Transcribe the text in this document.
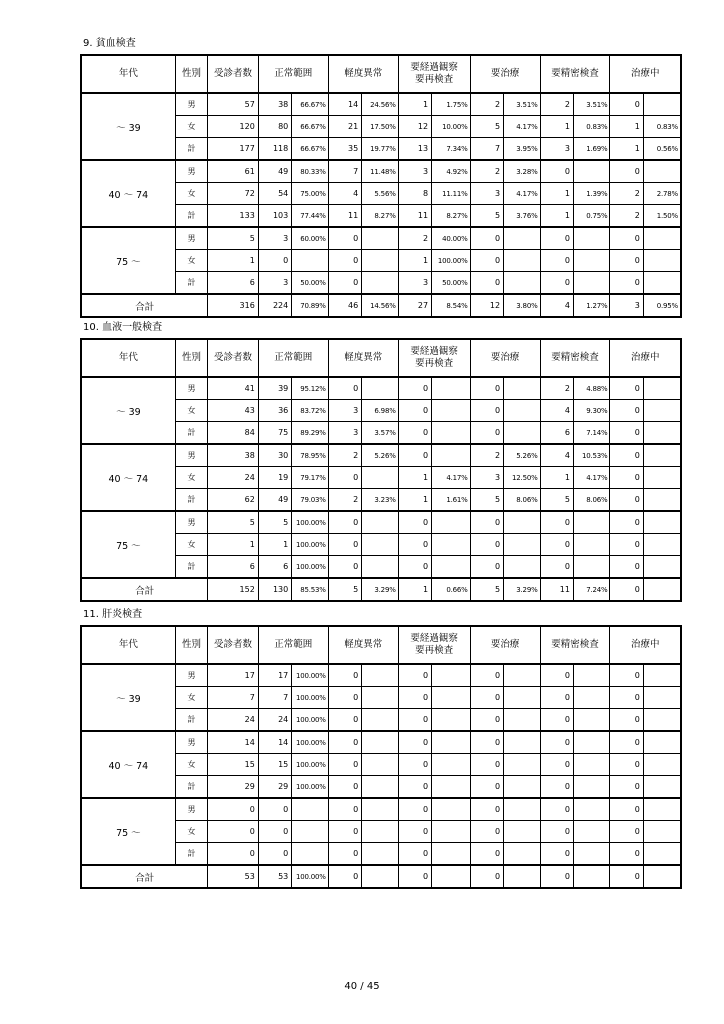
9. 貧血検査
年代	性別	受診者数	正常範囲		軽度異常		要経過観察
要再検査		要治療		要精密検査		治療中	
～ 39	男	57	38	66.67%	14	24.56%	1	1.75%	2	3.51%	2	3.51%	0	
	女	120	80	66.67%	21	17.50%	12	10.00%	5	4.17%	1	0.83%	1	0.83%
	計	177	118	66.67%	35	19.77%	13	7.34%	7	3.95%	3	1.69%	1	0.56%
40 ～ 74	男	61	49	80.33%	7	11.48%	3	4.92%	2	3.28%	0		0	
	女	72	54	75.00%	4	5.56%	8	11.11%	3	4.17%	1	1.39%	2	2.78%
	計	133	103	77.44%	11	8.27%	11	8.27%	5	3.76%	1	0.75%	2	1.50%
75 ～	男	5	3	60.00%	0		2	40.00%	0		0		0	
	女	1	0		0		1	100.00%	0		0		0	
	計	6	3	50.00%	0		3	50.00%	0		0		0	
合計		316	224	70.89%	46	14.56%	27	8.54%	12	3.80%	4	1.27%	3	0.95%
10. 血液一般検査
年代	性別	受診者数	正常範囲		軽度異常		要経過観察
要再検査		要治療		要精密検査		治療中	
～ 39	男	41	39	95.12%	0		0		0		2	4.88%	0	
	女	43	36	83.72%	3	6.98%	0		0		4	9.30%	0	
	計	84	75	89.29%	3	3.57%	0		0		6	7.14%	0	
40 ～ 74	男	38	30	78.95%	2	5.26%	0		2	5.26%	4	10.53%	0	
	女	24	19	79.17%	0		1	4.17%	3	12.50%	1	4.17%	0	
	計	62	49	79.03%	2	3.23%	1	1.61%	5	8.06%	5	8.06%	0	
75 ～	男	5	5	100.00%	0		0		0		0		0	
	女	1	1	100.00%	0		0		0		0		0	
	計	6	6	100.00%	0		0		0		0		0	
合計		152	130	85.53%	5	3.29%	1	0.66%	5	3.29%	11	7.24%	0	
11. 肝炎検査
年代	性別	受診者数	正常範囲		軽度異常		要経過観察
要再検査		要治療		要精密検査		治療中	
～ 39	男	17	17	100.00%	0		0		0		0		0	
	女	7	7	100.00%	0		0		0		0		0	
	計	24	24	100.00%	0		0		0		0		0	
40 ～ 74	男	14	14	100.00%	0		0		0		0		0	
	女	15	15	100.00%	0		0		0		0		0	
	計	29	29	100.00%	0		0		0		0		0	
75 ～	男	0	0		0		0		0		0		0	
	女	0	0		0		0		0		0		0	
	計	0	0		0		0		0		0		0	
合計		53	53	100.00%	0		0		0		0		0	
40 / 45
